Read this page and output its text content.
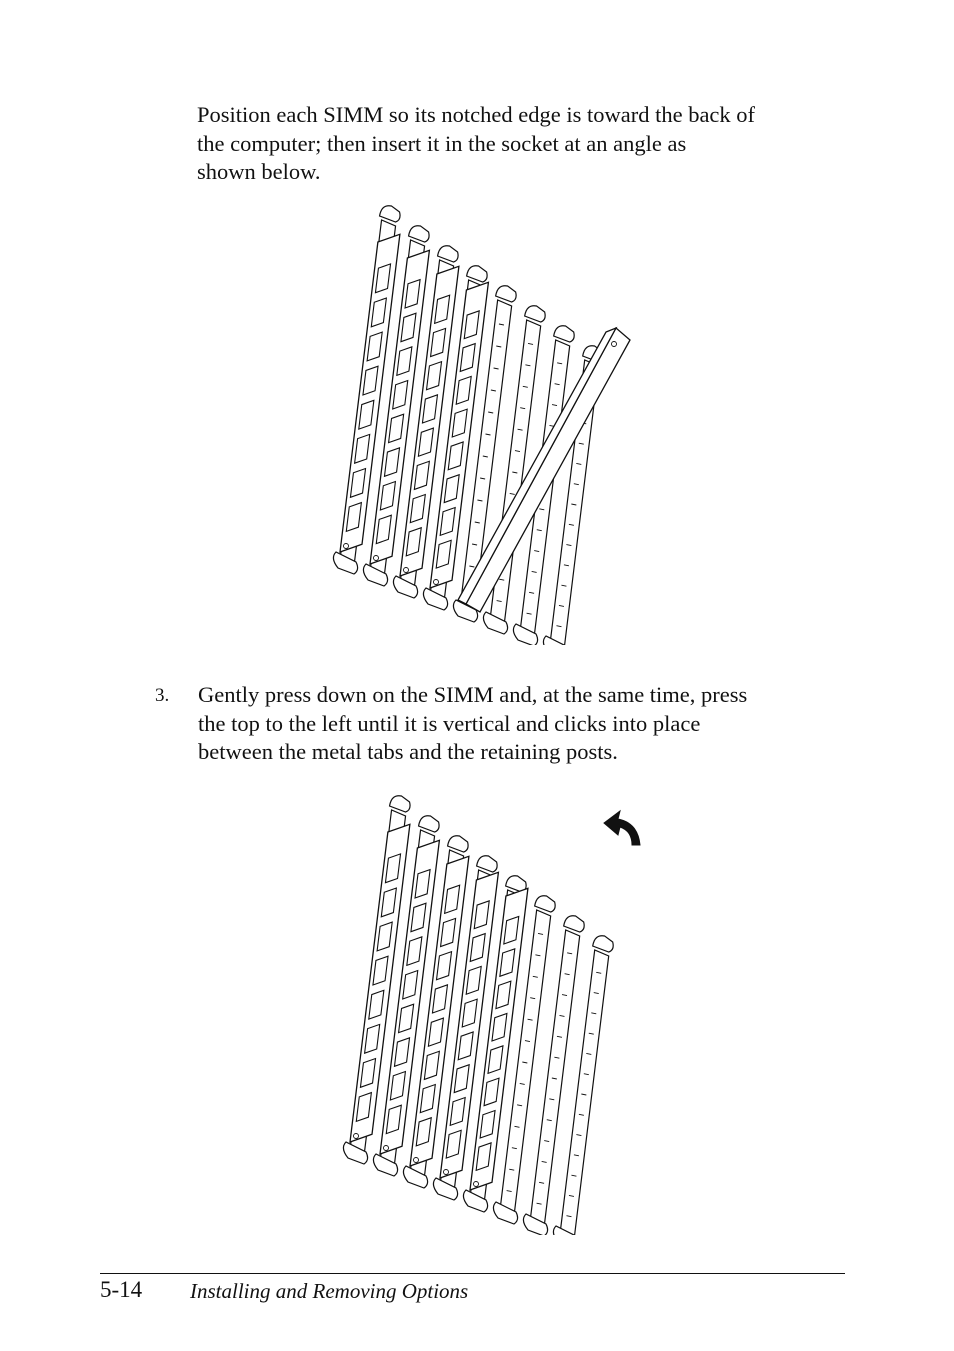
Position each SIMM so its notched edge is toward the back of
the computer; then insert it in the socket at an angle as
shown below.

3. Gently press down on the SIMM and, at the same time, press
the top to the left until it is vertical and clicks into place
between the metal tabs and the retaining posts.

5-14 Installing and Removing Options
